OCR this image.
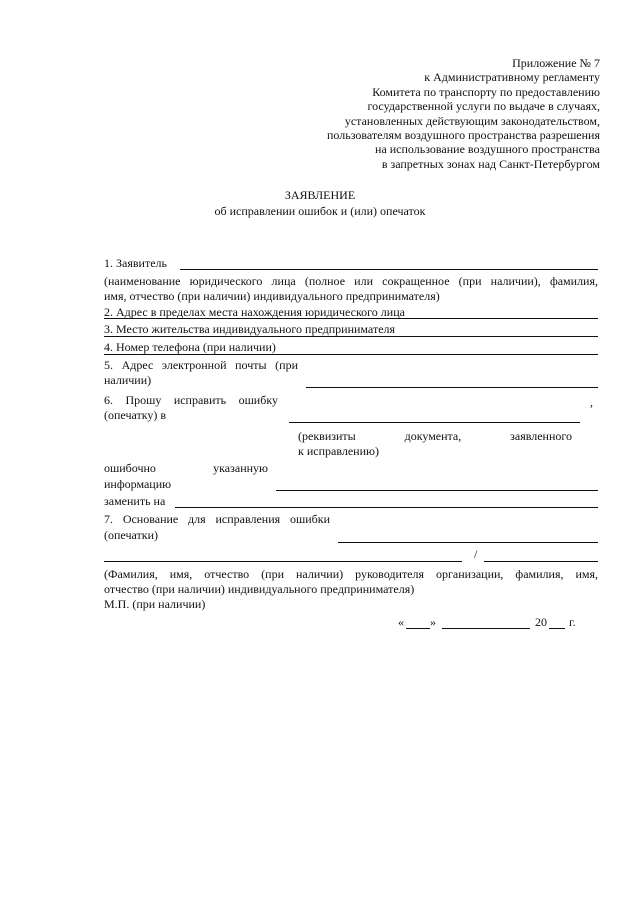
Приложение № 7
к Административному регламенту
Комитета по транспорту по предоставлению
государственной услуги по выдаче в случаях,
установленных действующим законодательством,
пользователям воздушного пространства разрешения
на использование воздушного пространства
в запретных зонах над Санкт-Петербургом
ЗАЯВЛЕНИЕ
об исправлении ошибок и (или) опечаток
1. Заявитель
(наименование юридического лица (полное или сокращенное (при наличии), фамилия,
имя, отчество (при наличии) индивидуального предпринимателя)
2. Адрес в пределах места нахождения юридического лица
3. Место жительства индивидуального предпринимателя
4. Номер телефона (при наличии)
5. Адрес электронной почты (при
наличии)
6. Прошу исправить ошибку
(опечатку) в
,
(реквизиты документа, заявленного
к исправлению)
ошибочно указанную
информацию
заменить на
7. Основание для исправления ошибки
(опечатки)
/
(Фамилия, имя, отчество (при наличии) руководителя организации, фамилия, имя,
отчество (при наличии) индивидуального предпринимателя)
М.П. (при наличии)
« »	20 г.
